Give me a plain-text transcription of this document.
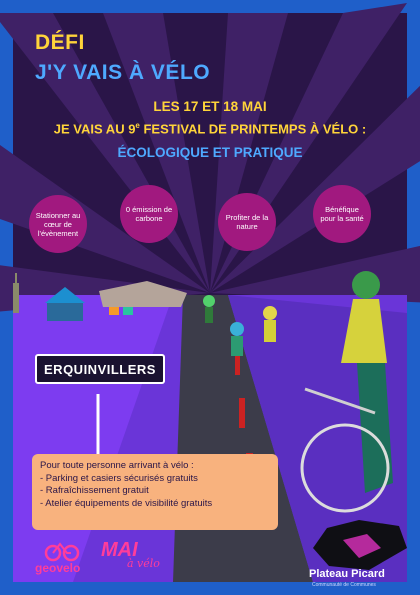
DÉFI
J'Y VAIS À VÉLO
LES 17 ET 18 MAI
JE VAIS AU 9e FESTIVAL DE PRINTEMPS À VÉLO :
ÉCOLOGIQUE ET PRATIQUE
Stationner au cœur de l'évènement
0 émission de carbone	Profiter de la nature
Bénéfique pour la santé
ERQUINVILLERS
Pour toute personne arrivant à vélo :
- Parking et casiers sécurisés gratuits
- Rafraîchissement gratuit
- Atelier équipements de visibilité gratuits
geovelo
MAI
à vélo
Plateau Picard
Communauté de Communes
